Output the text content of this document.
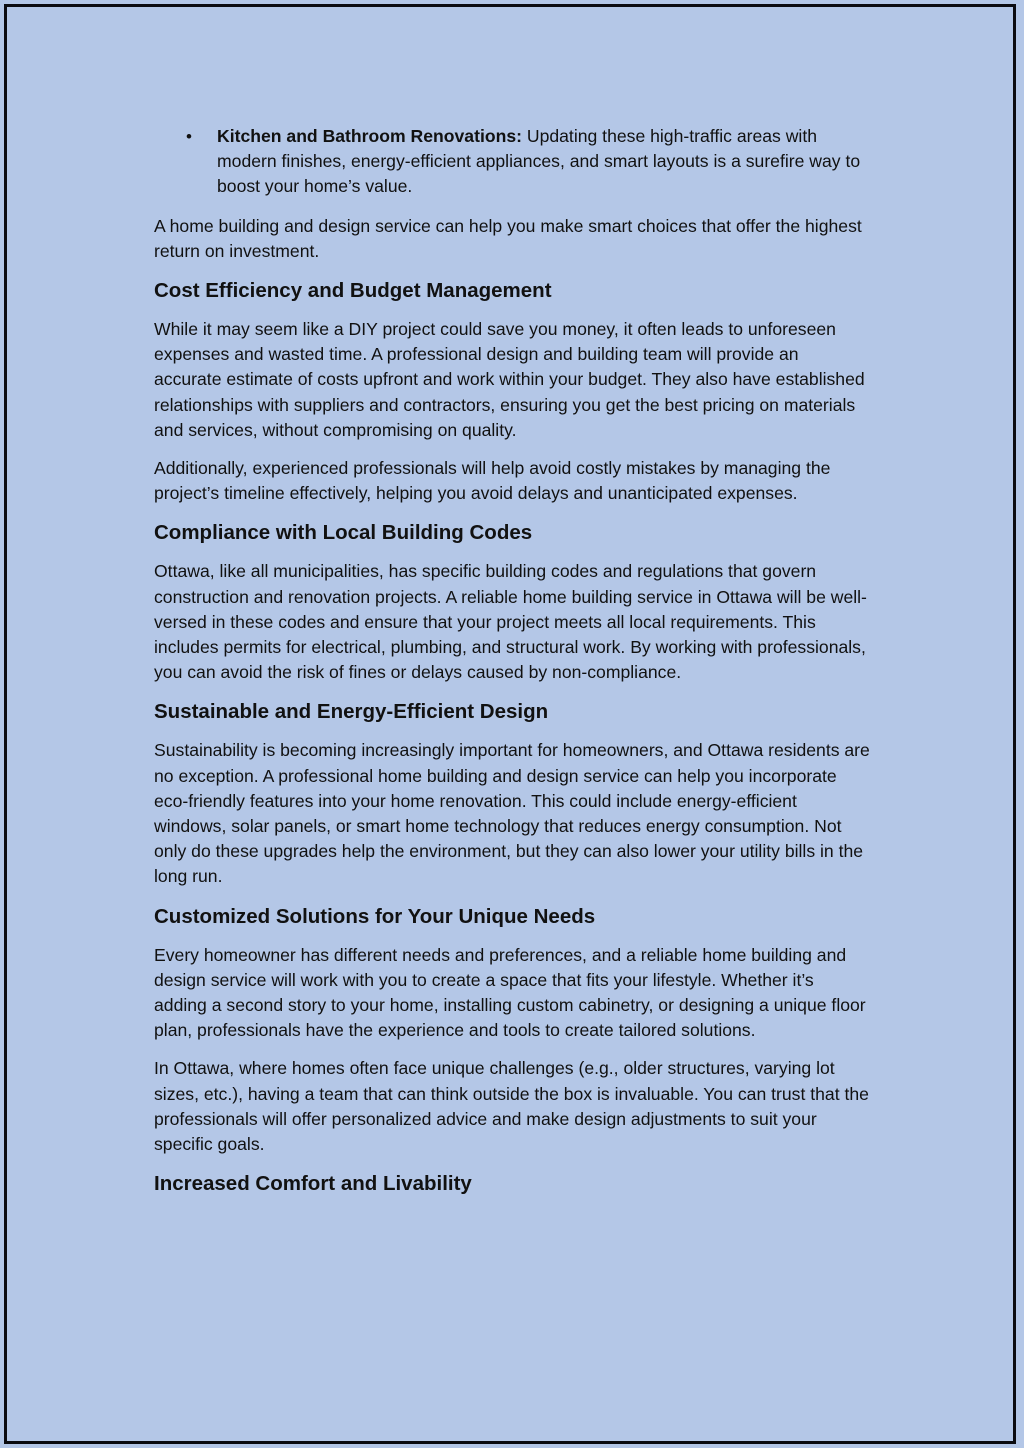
• Kitchen and Bathroom Renovations: Updating these high-traffic areas with modern finishes, energy-efficient appliances, and smart layouts is a surefire way to boost your home’s value.

A home building and design service can help you make smart choices that offer the highest return on investment.

Cost Efficiency and Budget Management

While it may seem like a DIY project could save you money, it often leads to unforeseen expenses and wasted time. A professional design and building team will provide an accurate estimate of costs upfront and work within your budget. They also have established relationships with suppliers and contractors, ensuring you get the best pricing on materials and services, without compromising on quality.

Additionally, experienced professionals will help avoid costly mistakes by managing the project’s timeline effectively, helping you avoid delays and unanticipated expenses.

Compliance with Local Building Codes

Ottawa, like all municipalities, has specific building codes and regulations that govern construction and renovation projects. A reliable home building service in Ottawa will be well-versed in these codes and ensure that your project meets all local requirements. This includes permits for electrical, plumbing, and structural work. By working with professionals, you can avoid the risk of fines or delays caused by non-compliance.

Sustainable and Energy-Efficient Design

Sustainability is becoming increasingly important for homeowners, and Ottawa residents are no exception. A professional home building and design service can help you incorporate eco-friendly features into your home renovation. This could include energy-efficient windows, solar panels, or smart home technology that reduces energy consumption. Not only do these upgrades help the environment, but they can also lower your utility bills in the long run.

Customized Solutions for Your Unique Needs

Every homeowner has different needs and preferences, and a reliable home building and design service will work with you to create a space that fits your lifestyle. Whether it’s adding a second story to your home, installing custom cabinetry, or designing a unique floor plan, professionals have the experience and tools to create tailored solutions.

In Ottawa, where homes often face unique challenges (e.g., older structures, varying lot sizes, etc.), having a team that can think outside the box is invaluable. You can trust that the professionals will offer personalized advice and make design adjustments to suit your specific goals.

Increased Comfort and Livability
